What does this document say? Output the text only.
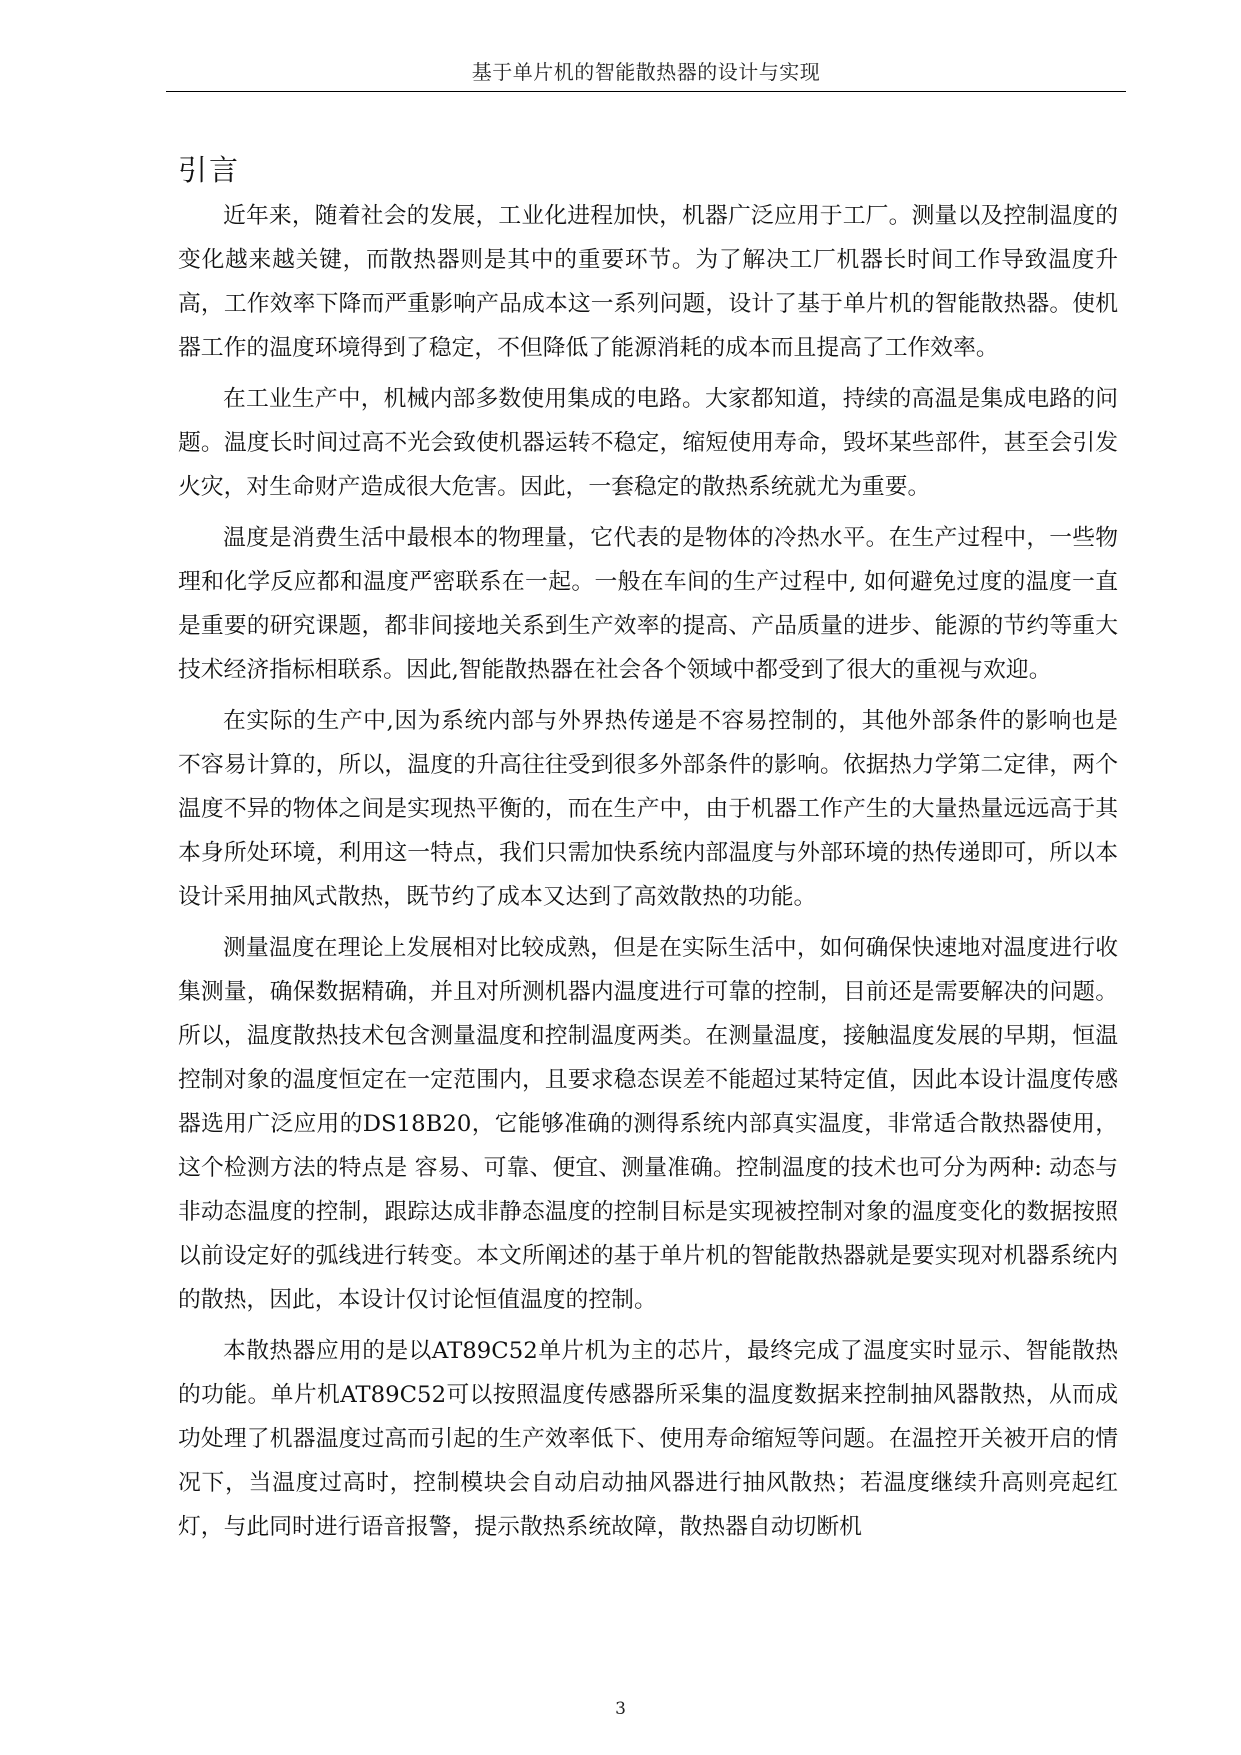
基于单片机的智能散热器的设计与实现
引言

近年来，随着社会的发展，工业化进程加快，机器广泛应用于工厂。测量以及控制温度的变化越来越关键，而散热器则是其中的重要环节。为了解决工厂机器长时间工作导致温度升高，工作效率下降而严重影响产品成本这一系列问题，设计了基于单片机的智能散热器。使机器工作的温度环境得到了稳定，不但降低了能源消耗的成本而且提高了工作效率。

在工业生产中，机械内部多数使用集成的电路。大家都知道，持续的高温是集成电路的问题。温度长时间过高不光会致使机器运转不稳定，缩短使用寿命，毁坏某些部件，甚至会引发火灾，对生命财产造成很大危害。因此，一套稳定的散热系统就尤为重要。

温度是消费生活中最根本的物理量，它代表的是物体的冷热水平。在生产过程中，一些物理和化学反应都和温度严密联系在一起。一般在车间的生产过程中, 如何避免过度的温度一直是重要的研究课题，都非间接地关系到生产效率的提高、产品质量的进步、能源的节约等重大技术经济指标相联系。因此,智能散热器在社会各个领域中都受到了很大的重视与欢迎。

在实际的生产中,因为系统内部与外界热传递是不容易控制的，其他外部条件的影响也是不容易计算的，所以，温度的升高往往受到很多外部条件的影响。依据热力学第二定律，两个温度不异的物体之间是实现热平衡的，而在生产中，由于机器工作产生的大量热量远远高于其本身所处环境，利用这一特点，我们只需加快系统内部温度与外部环境的热传递即可，所以本设计采用抽风式散热，既节约了成本又达到了高效散热的功能。

测量温度在理论上发展相对比较成熟，但是在实际生活中，如何确保快速地对温度进行收集测量，确保数据精确，并且对所测机器内温度进行可靠的控制，目前还是需要解决的问题。所以，温度散热技术包含测量温度和控制温度两类。在测量温度，接触温度发展的早期，恒温控制对象的温度恒定在一定范围内，且要求稳态误差不能超过某特定值，因此本设计温度传感器选用广泛应用的DS18B20，它能够准确的测得系统内部真实温度，非常适合散热器使用，这个检测方法的特点是 容易、可靠、便宜、测量准确。控制温度的技术也可分为两种: 动态与非动态温度的控制，跟踪达成非静态温度的控制目标是实现被控制对象的温度变化的数据按照以前设定好的弧线进行转变。本文所阐述的基于单片机的智能散热器就是要实现对机器系统内的散热，因此，本设计仅讨论恒值温度的控制。

本散热器应用的是以AT89C52单片机为主的芯片，最终完成了温度实时显示、智能散热的功能。单片机AT89C52可以按照温度传感器所采集的温度数据来控制抽风器散热，从而成功处理了机器温度过高而引起的生产效率低下、使用寿命缩短等问题。在温控开关被开启的情况下，当温度过高时，控制模块会自动启动抽风器进行抽风散热；若温度继续升高则亮起红灯，与此同时进行语音报警，提示散热系统故障，散热器自动切断机

3
